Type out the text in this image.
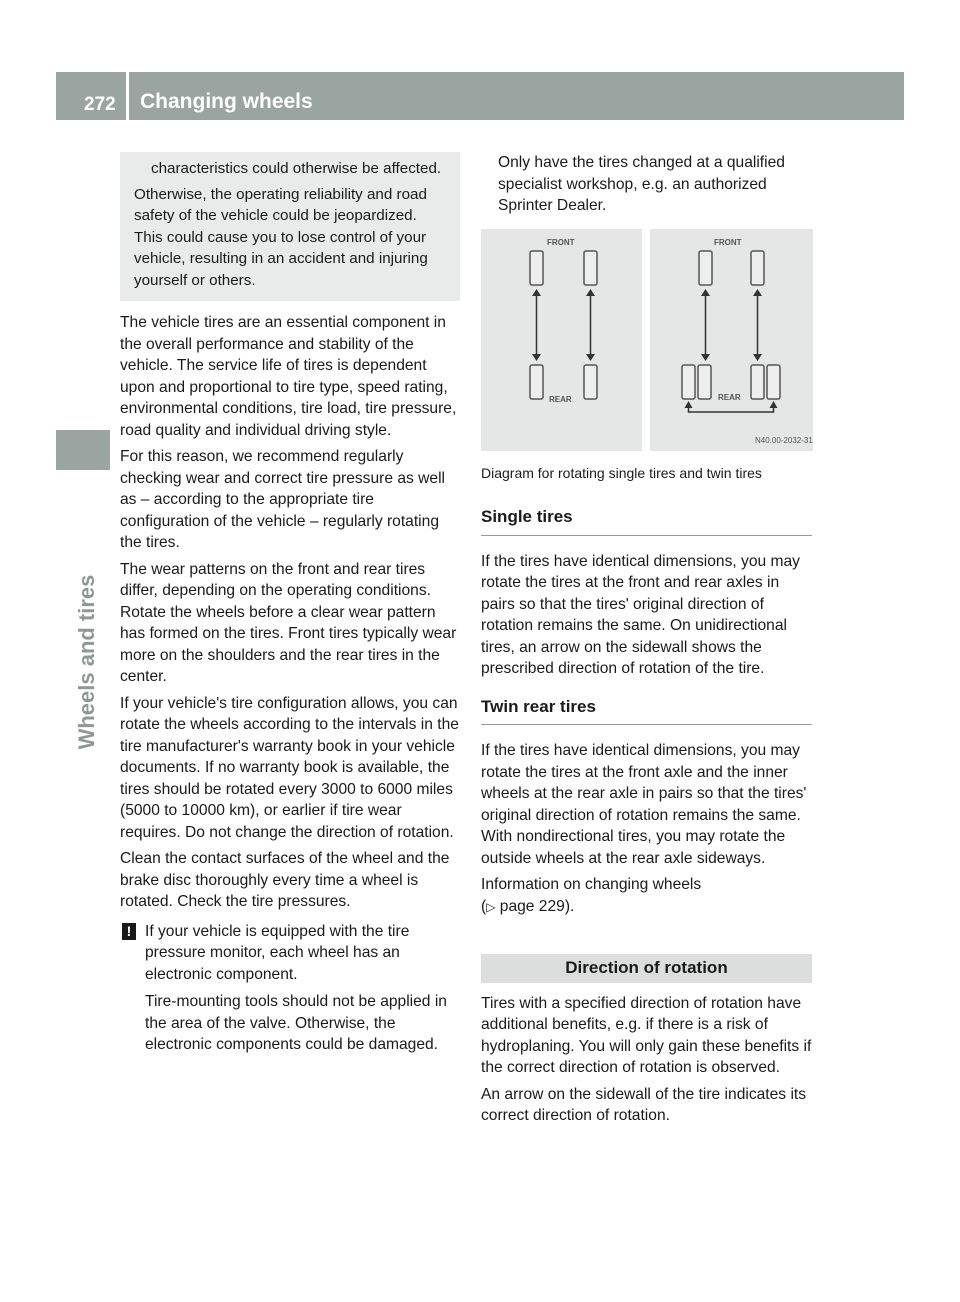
272 Changing wheels
Wheels and tires

characteristics could otherwise be affected.

Otherwise, the operating reliability and road safety of the vehicle could be jeopardized. This could cause you to lose control of your vehicle, resulting in an accident and injuring yourself or others.

The vehicle tires are an essential component in the overall performance and stability of the vehicle. The service life of tires is dependent upon and proportional to tire type, speed rating, environmental conditions, tire load, tire pressure, road quality and individual driving style.

For this reason, we recommend regularly checking wear and correct tire pressure as well as – according to the appropriate tire configuration of the vehicle – regularly rotating the tires.

The wear patterns on the front and rear tires differ, depending on the operating conditions. Rotate the wheels before a clear wear pattern has formed on the tires. Front tires typically wear more on the shoulders and the rear tires in the center.

If your vehicle's tire configuration allows, you can rotate the wheels according to the intervals in the tire manufacturer's warranty book in your vehicle documents. If no warranty book is available, the tires should be rotated every 3000 to 6000 miles (5000 to 10000 km), or earlier if tire wear requires. Do not change the direction of rotation.

Clean the contact surfaces of the wheel and the brake disc thoroughly every time a wheel is rotated. Check the tire pressures.

! If your vehicle is equipped with the tire pressure monitor, each wheel has an electronic component.

Tire-mounting tools should not be applied in the area of the valve. Otherwise, the electronic components could be damaged.

Only have the tires changed at a qualified specialist workshop, e.g. an authorized Sprinter Dealer.

FRONT
REAR
FRONT
REAR
N40.00-2032-31
Diagram for rotating single tires and twin tires
Single tires

If the tires have identical dimensions, you may rotate the tires at the front and rear axles in pairs so that the tires' original direction of rotation remains the same. On unidirectional tires, an arrow on the sidewall shows the prescribed direction of rotation of the tire.

Twin rear tires

If the tires have identical dimensions, you may rotate the tires at the front axle and the inner wheels at the rear axle in pairs so that the tires' original direction of rotation remains the same. With nondirectional tires, you may rotate the outside wheels at the rear axle sideways.

Information on changing wheels
(▷ page 229).

Direction of rotation

Tires with a specified direction of rotation have additional benefits, e.g. if there is a risk of hydroplaning. You will only gain these benefits if the correct direction of rotation is observed.

An arrow on the sidewall of the tire indicates its correct direction of rotation.
